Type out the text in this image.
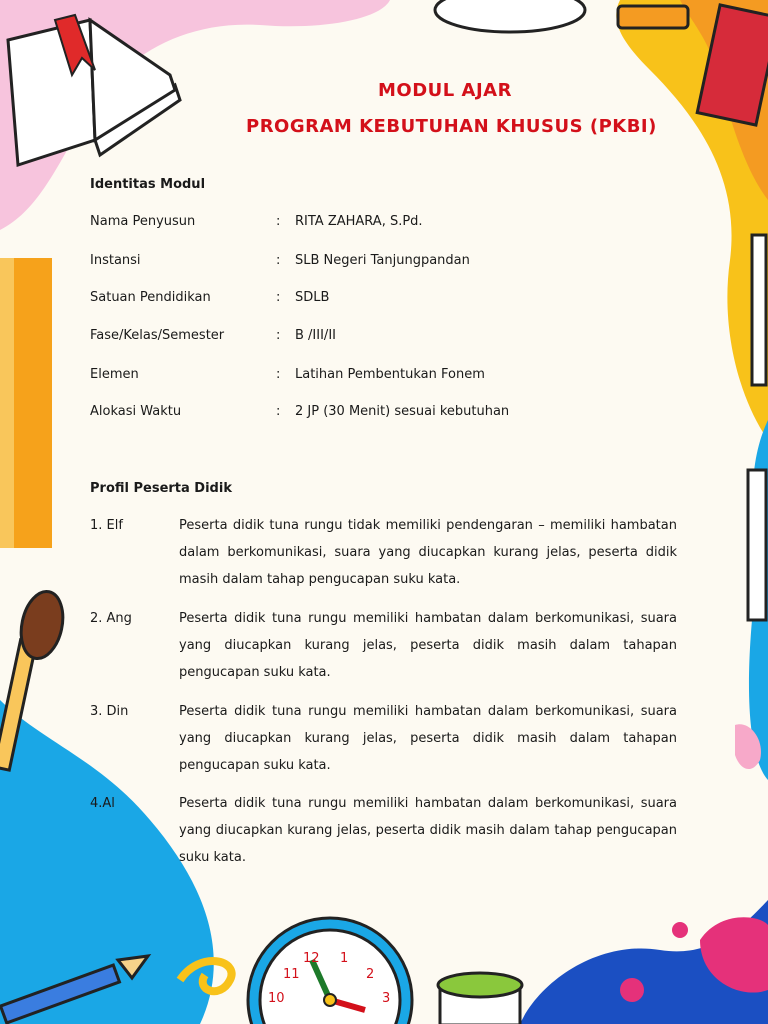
MODUL AJAR
PROGRAM KEBUTUHAN KHUSUS (PKBI)
Identitas Modul
Nama Penyusun	: RITA ZAHARA, S.Pd.
Instansi	: SLB Negeri Tanjungpandan
Satuan Pendidikan	: SDLB
Fase/Kelas/Semester	: B /III/II
Elemen	: Latihan Pembentukan Fonem
Alokasi Waktu	: 2 JP (30 Menit) sesuai kebutuhan
Profil Peserta Didik
1. Elf	Peserta didik tuna rungu tidak memiliki pendengaran – memiliki hambatan dalam berkomunikasi, suara yang diucapkan kurang jelas, peserta didik masih dalam tahap pengucapan suku kata.
2. Ang	Peserta didik tuna rungu memiliki hambatan dalam berkomunikasi, suara yang diucapkan kurang jelas, peserta didik masih dalam tahapan pengucapan suku kata.
3. Din	Peserta didik tuna rungu memiliki hambatan dalam berkomunikasi, suara yang diucapkan kurang jelas, peserta didik masih dalam tahapan pengucapan suku kata.
4.Al	Peserta didik tuna rungu memiliki hambatan dalam berkomunikasi, suara yang diucapkan kurang jelas, peserta didik masih dalam tahap pengucapan suku kata.
11
12 1
2
10	3
